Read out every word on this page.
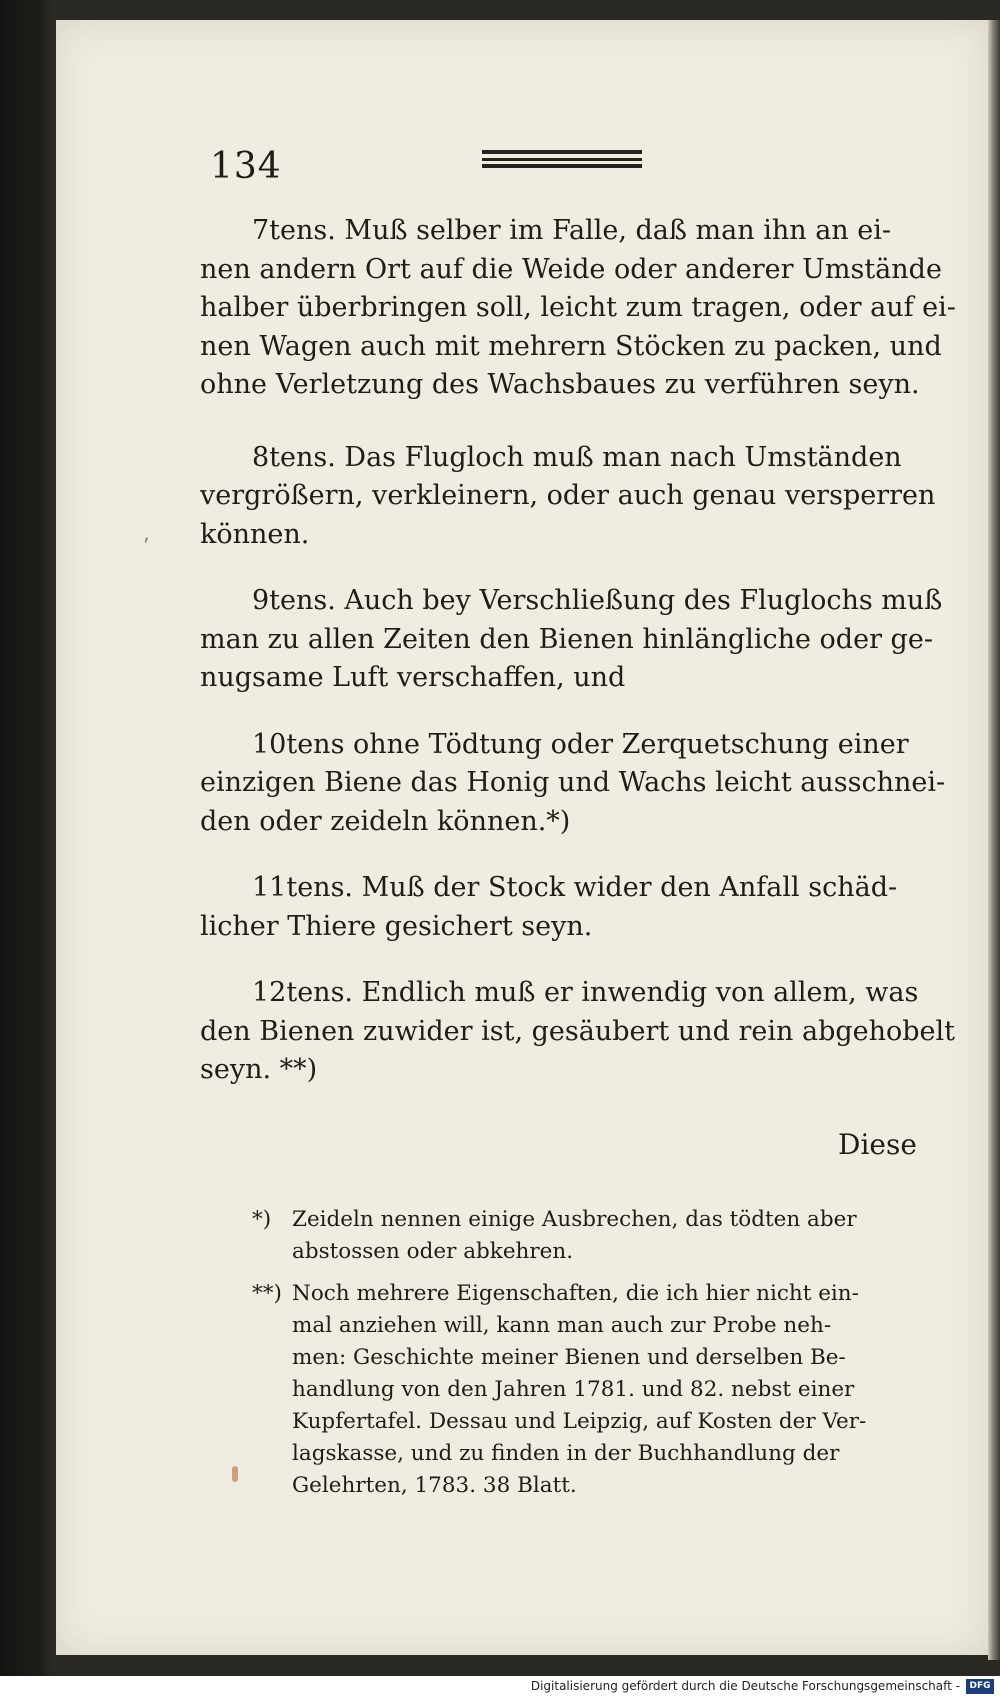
134
⸴

7tens. Muß selber im Falle, daß man ihn an ei-
nen andern Ort auf die Weide oder anderer Umstände
halber überbringen soll, leicht zum tragen, oder auf ei-
nen Wagen auch mit mehrern Stöcken zu packen, und
ohne Verletzung des Wachsbaues zu verführen seyn.

8tens. Das Flugloch muß man nach Umständen
vergrößern, verkleinern, oder auch genau versperren
können.

9tens. Auch bey Verschließung des Fluglochs muß
man zu allen Zeiten den Bienen hinlängliche oder ge-
nugsame Luft verschaffen, und

10tens ohne Tödtung oder Zerquetschung einer
einzigen Biene das Honig und Wachs leicht ausschnei-
den oder zeideln können.*)

11tens. Muß der Stock wider den Anfall schäd-
licher Thiere gesichert seyn.

12tens. Endlich muß er inwendig von allem, was
den Bienen zuwider ist, gesäubert und rein abgehobelt
seyn. **)

Diese

*) Zeideln nennen einige Ausbrechen, das tödten aber
abstossen oder abkehren.

**) Noch mehrere Eigenschaften, die ich hier nicht ein-
mal anziehen will, kann man auch zur Probe neh-
men: Geschichte meiner Bienen und derselben Be-
handlung von den Jahren 1781. und 82. nebst einer
Kupfertafel. Dessau und Leipzig, auf Kosten der Ver-
lagskasse, und zu finden in der Buchhandlung der
Gelehrten, 1783. 38 Blatt.

Digitalisierung gefördert durch die Deutsche Forschungsgemeinschaft -	DFG
